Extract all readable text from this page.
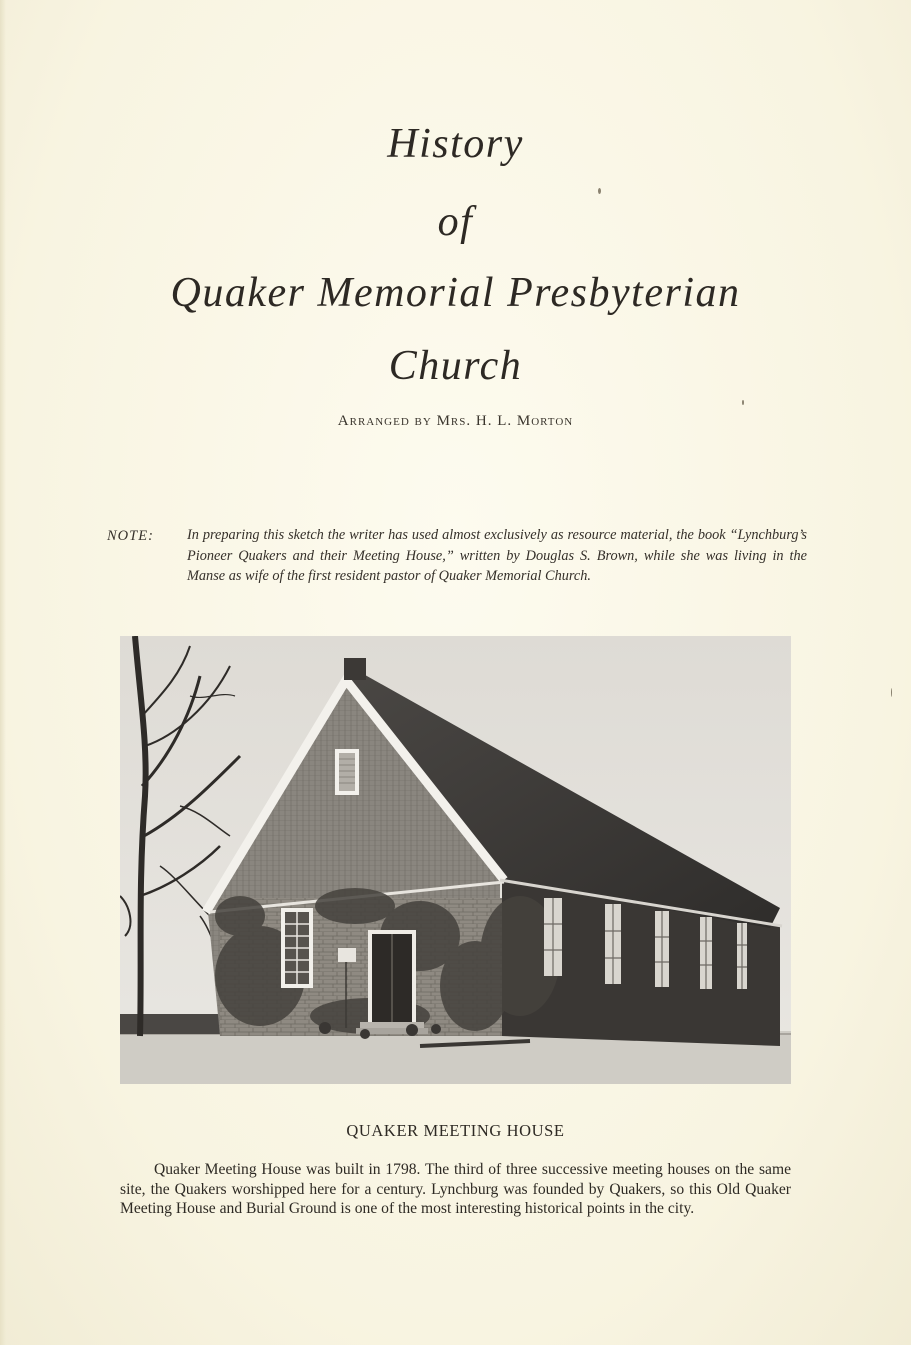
History
of
Quaker Memorial Presbyterian
Church
Arranged by Mrs. H. L. Morton
NOTE: In preparing this sketch the writer has used almost exclusively as resource material, the book “Lynchburg’s Pioneer Quakers and their Meeting House,” written by Douglas S. Brown, while she was living in the Manse as wife of the first resident pastor of Quaker Memorial Church.
QUAKER MEETING HOUSE
Quaker Meeting House was built in 1798. The third of three successive meeting houses on the same site, the Quakers worshipped here for a century. Lynchburg was founded by Quakers, so this Old Quaker Meeting House and Burial Ground is one of the most interesting historical points in the city.
